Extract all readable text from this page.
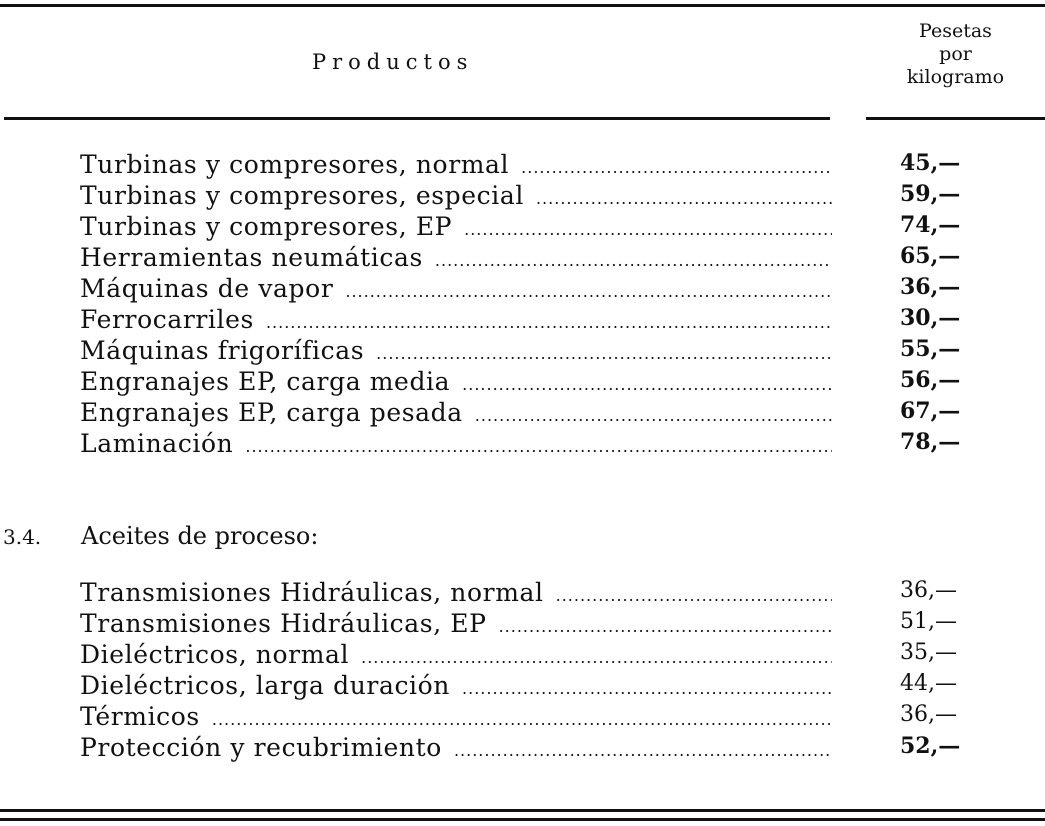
Productos
Pesetas
por
kilogramo
Turbinas y compresores, normal .....	45,—
Turbinas y compresores, especial .....	59,—
Turbinas y compresores, EP .....	74,—
Herramientas neumáticas .....	65,—
Máquinas de vapor .....	36,—
Ferrocarriles .....	30,—
Máquinas frigoríficas .....	55,—
Engranajes EP, carga media .....	56,—
Engranajes EP, carga pesada .....	67,—
Laminación .....	78,—
3.4. Aceites de proceso:
Transmisiones Hidráulicas, normal .....	36,—
Transmisiones Hidráulicas, EP .....	51,—
Dieléctricos, normal .....	35,—
Dieléctricos, larga duración .....	44,—
Térmicos .....	36,—
Protección y recubrimiento .....	52,—
